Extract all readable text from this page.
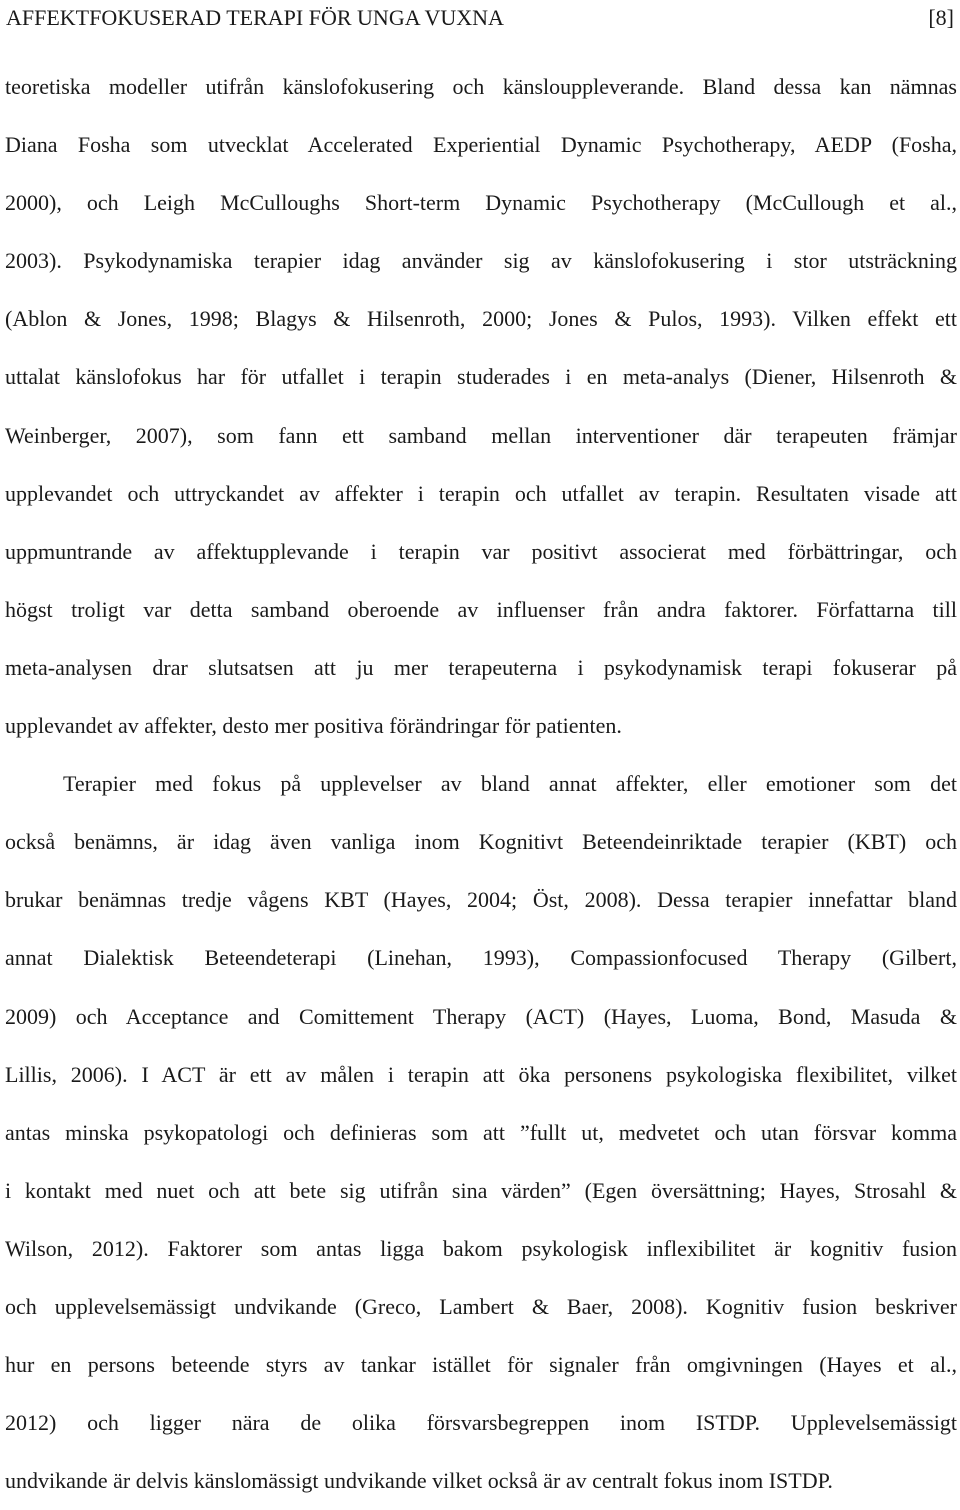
AFFEKTFOKUSERAD TERAPI FÖR UNGA VUXNA	[8]
teoretiska modeller utifrån känslofokusering och känslouppleverande. Bland dessa kan nämnas
Diana Fosha som utvecklat Accelerated Experiential Dynamic Psychotherapy, AEDP (Fosha,
2000), och Leigh McCulloughs Short-term Dynamic Psychotherapy (McCullough et al.,
2003). Psykodynamiska terapier idag använder sig av känslofokusering i stor utsträckning
(Ablon & Jones, 1998; Blagys & Hilsenroth, 2000; Jones & Pulos, 1993). Vilken effekt ett
uttalat känslofokus har för utfallet i terapin studerades i en meta-analys (Diener, Hilsenroth &
Weinberger, 2007), som fann ett samband mellan interventioner där terapeuten främjar
upplevandet och uttryckandet av affekter i terapin och utfallet av terapin. Resultaten visade att
uppmuntrande av affektupplevande i terapin var positivt associerat med förbättringar, och
högst troligt var detta samband oberoende av influenser från andra faktorer. Författarna till
meta-analysen drar slutsatsen att ju mer terapeuterna i psykodynamisk terapi fokuserar på
upplevandet av affekter, desto mer positiva förändringar för patienten.
Terapier med fokus på upplevelser av bland annat affekter, eller emotioner som det
också benämns, är idag även vanliga inom Kognitivt Beteendeinriktade terapier (KBT) och
brukar benämnas tredje vågens KBT (Hayes, 2004; Öst, 2008). Dessa terapier innefattar bland
annat Dialektisk Beteendeterapi (Linehan, 1993), Compassionfocused Therapy (Gilbert,
2009) och Acceptance and Comittement Therapy (ACT) (Hayes, Luoma, Bond, Masuda &
Lillis, 2006). I ACT är ett av målen i terapin att öka personens psykologiska flexibilitet, vilket
antas minska psykopatologi och definieras som att ”fullt ut, medvetet och utan försvar komma
i kontakt med nuet och att bete sig utifrån sina värden” (Egen översättning; Hayes, Strosahl &
Wilson, 2012). Faktorer som antas ligga bakom psykologisk inflexibilitet är kognitiv fusion
och upplevelsemässigt undvikande (Greco, Lambert & Baer, 2008). Kognitiv fusion beskriver
hur en persons beteende styrs av tankar istället för signaler från omgivningen (Hayes et al.,
2012) och ligger nära de olika försvarsbegreppen inom ISTDP. Upplevelsemässigt
undvikande är delvis känslomässigt undvikande vilket också är av centralt fokus inom ISTDP.
